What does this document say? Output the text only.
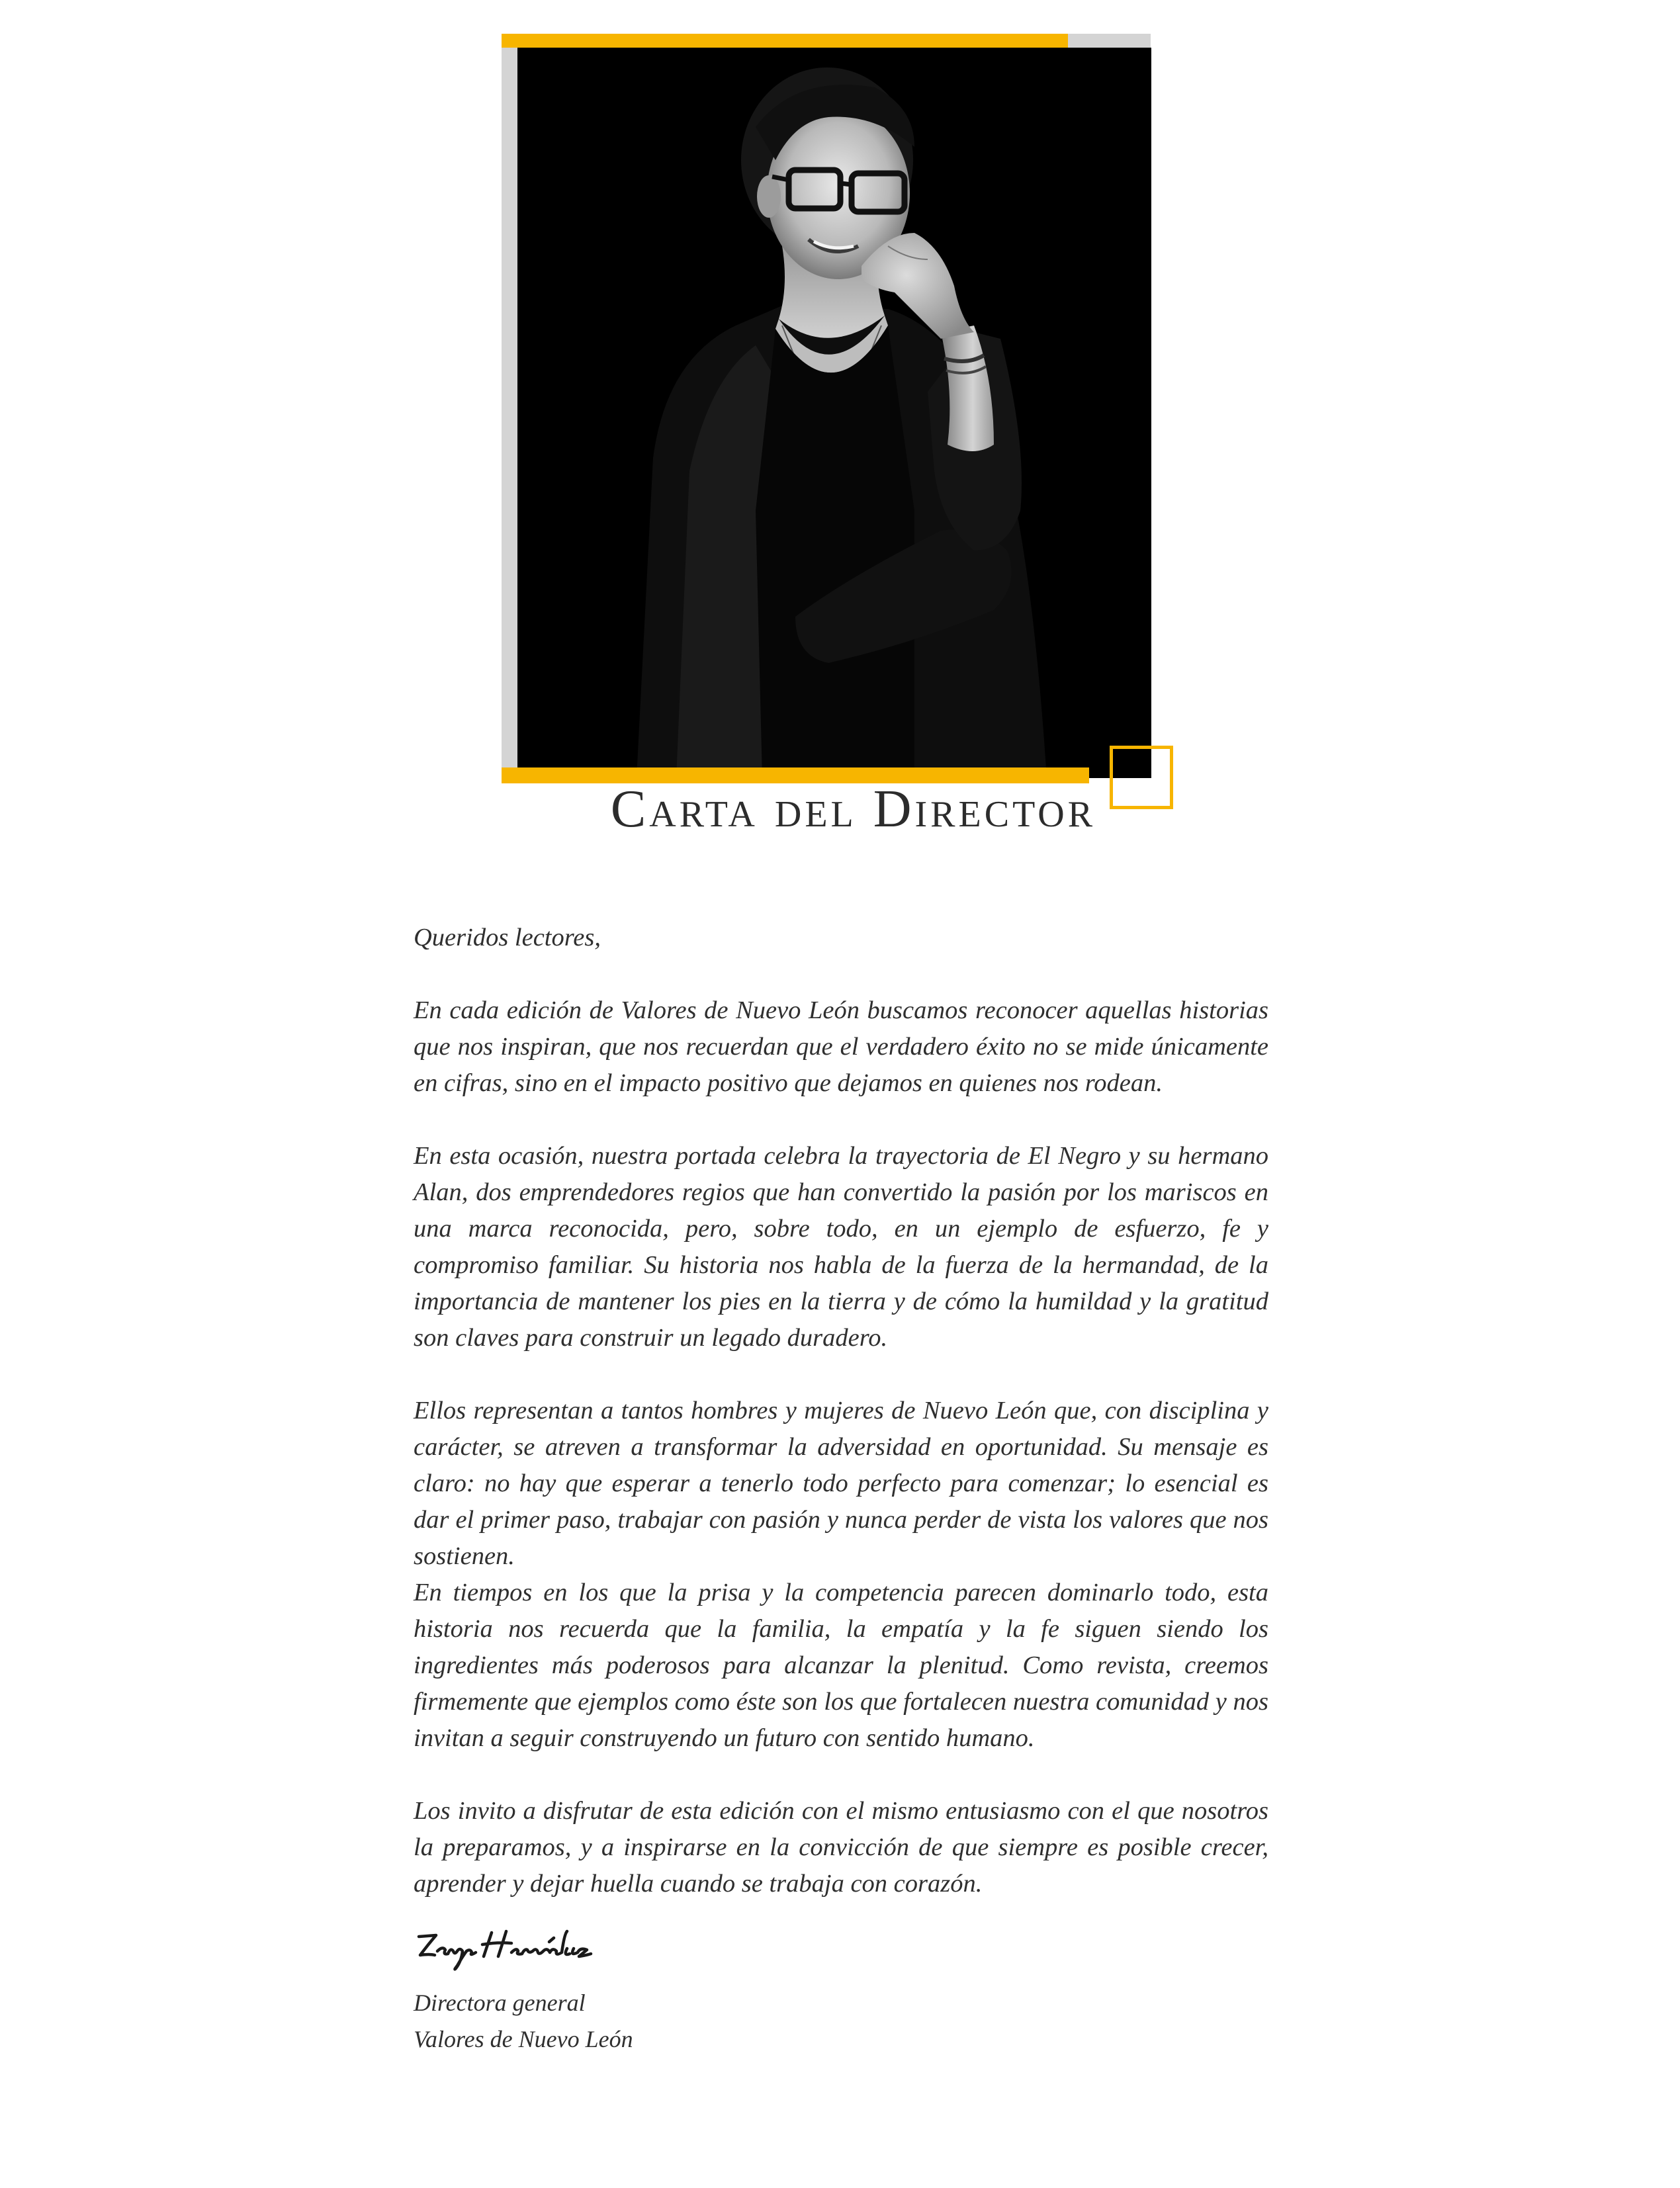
Carta del Director

Queridos lectores,

En cada edición de Valores de Nuevo León buscamos reconocer aquellas historias que nos inspiran, que nos recuerdan que el verdadero éxito no se mide únicamente en cifras, sino en el impacto positivo que dejamos en quienes nos rodean.

En esta ocasión, nuestra portada celebra la trayectoria de El Negro y su hermano Alan, dos emprendedores regios que han convertido la pasión por los mariscos en una marca reconocida, pero, sobre todo, en un ejemplo de esfuerzo, fe y compromiso familiar. Su historia nos habla de la fuerza de la hermandad, de la importancia de mantener los pies en la tierra y de cómo la humildad y la gratitud son claves para construir un legado duradero.

Ellos representan a tantos hombres y mujeres de Nuevo León que, con disciplina y carácter, se atreven a transformar la adversidad en oportunidad. Su mensaje es claro: no hay que esperar a tenerlo todo perfecto para comenzar; lo esencial es dar el primer paso, trabajar con pasión y nunca perder de vista los valores que nos sostienen.

En tiempos en los que la prisa y la competencia parecen dominarlo todo, esta historia nos recuerda que la familia, la empatía y la fe siguen siendo los ingredientes más poderosos para alcanzar la plenitud. Como revista, creemos firmemente que ejemplos como éste son los que fortalecen nuestra comunidad y nos invitan a seguir construyendo un futuro con sentido humano.

Los invito a disfrutar de esta edición con el mismo entusiasmo con el que nosotros la preparamos, y a inspirarse en la convicción de que siempre es posible crecer, aprender y dejar huella cuando se trabaja con corazón.

Directora general
Valores de Nuevo León
